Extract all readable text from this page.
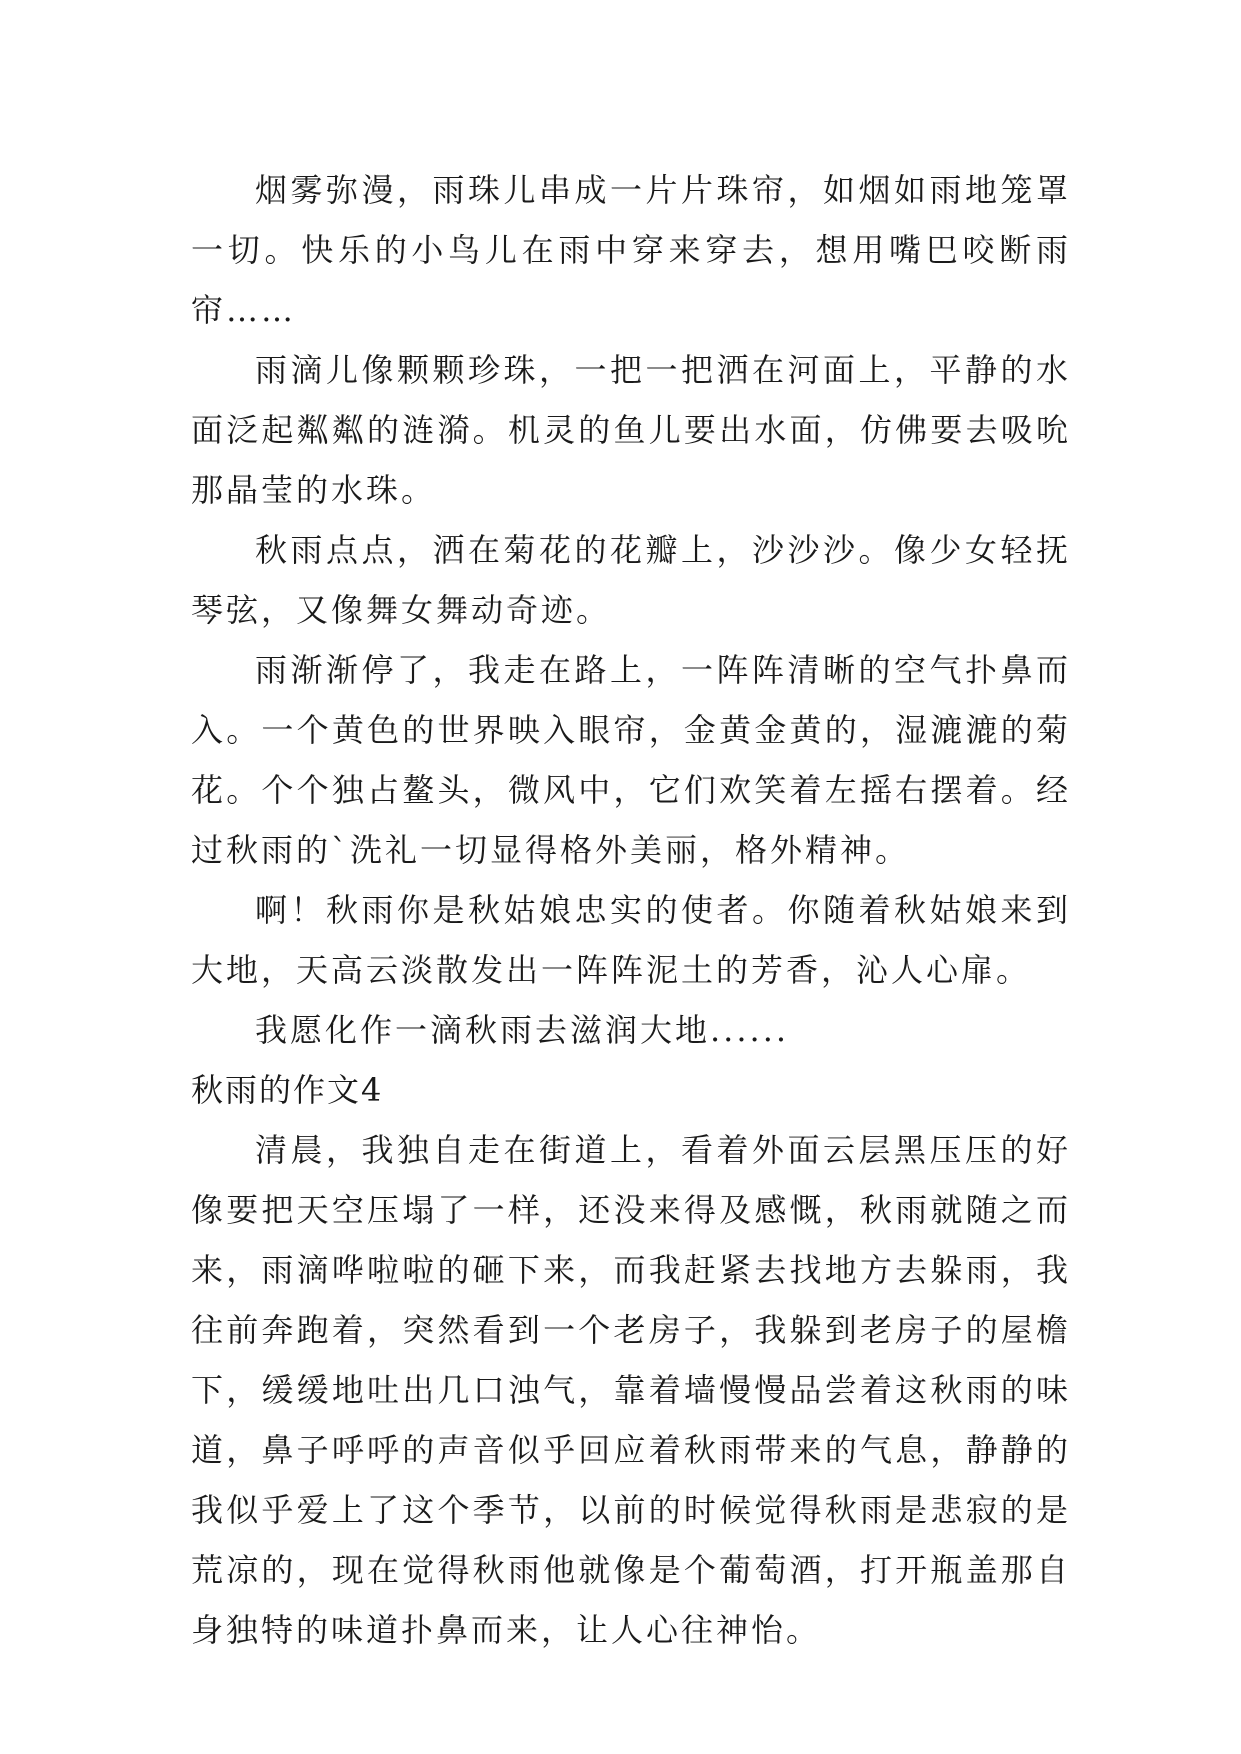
烟雾弥漫，雨珠儿串成一片片珠帘，如烟如雨地笼罩一切。快乐的小鸟儿在雨中穿来穿去，想用嘴巴咬断雨帘……

雨滴儿像颗颗珍珠，一把一把洒在河面上，平静的水面泛起粼粼的涟漪。机灵的鱼儿要出水面，仿佛要去吸吮那晶莹的水珠。

秋雨点点，洒在菊花的花瓣上，沙沙沙。像少女轻抚琴弦，又像舞女舞动奇迹。

雨渐渐停了，我走在路上，一阵阵清晰的空气扑鼻而入。一个黄色的世界映入眼帘，金黄金黄的，湿漉漉的菊花。个个独占鳌头，微风中，它们欢笑着左摇右摆着。经过秋雨的`洗礼一切显得格外美丽，格外精神。

啊！秋雨你是秋姑娘忠实的使者。你随着秋姑娘来到大地，天高云淡散发出一阵阵泥土的芳香，沁人心扉。

我愿化作一滴秋雨去滋润大地......

秋雨的作文4

清晨，我独自走在街道上，看着外面云层黑压压的好像要把天空压塌了一样，还没来得及感慨，秋雨就随之而来，雨滴哗啦啦的砸下来，而我赶紧去找地方去躲雨，我往前奔跑着，突然看到一个老房子，我躲到老房子的屋檐下，缓缓地吐出几口浊气，靠着墙慢慢品尝着这秋雨的味道，鼻子呼呼的声音似乎回应着秋雨带来的气息，静静的我似乎爱上了这个季节，以前的时候觉得秋雨是悲寂的是荒凉的，现在觉得秋雨他就像是个葡萄酒，打开瓶盖那自身独特的味道扑鼻而来，让人心往神怡。
